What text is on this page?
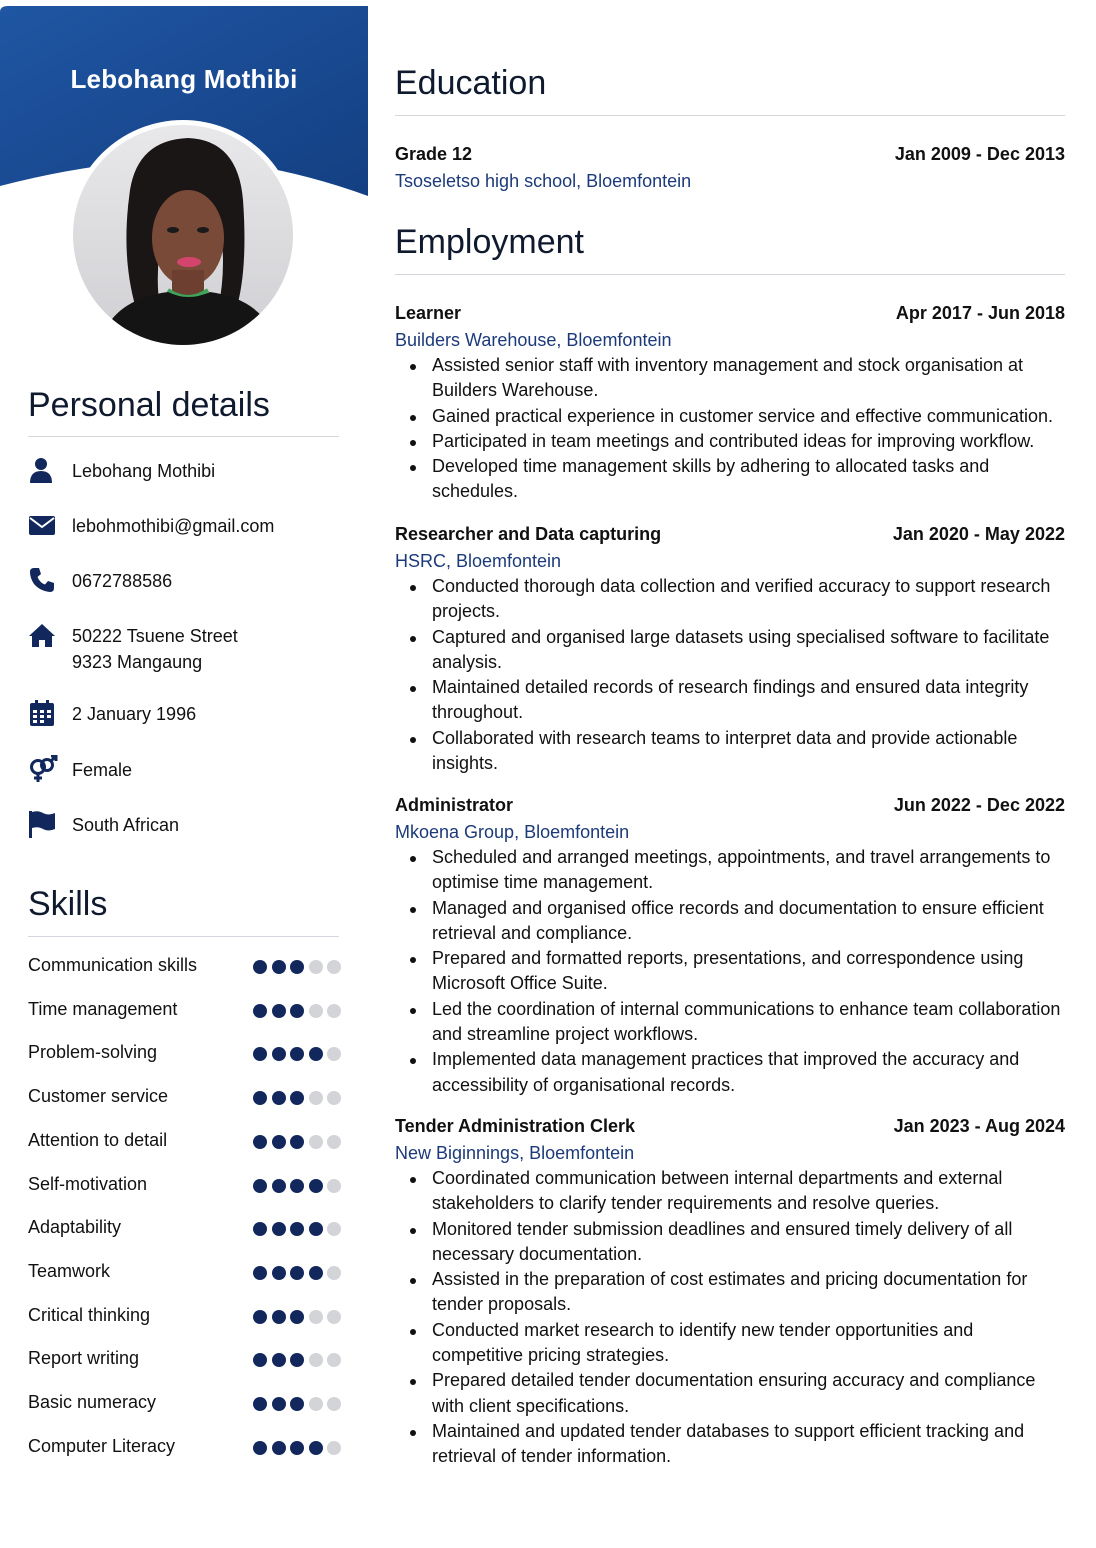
Lebohang Mothibi
Personal details
Lebohang Mothibi
lebohmothibi@gmail.com
0672788586
50222 Tsuene Street
9323 Mangaung
2 January 1996
Female
South African
Skills
Communication skills
Time management
Problem-solving
Customer service
Attention to detail
Self-motivation
Adaptability
Teamwork
Critical thinking
Report writing
Basic numeracy
Computer Literacy
Education
Grade 12	Jan 2009 - Dec 2013
Tsoseletso high school, Bloemfontein
Employment
Learner	Apr 2017 - Jun 2018
Builders Warehouse, Bloemfontein
Assisted senior staff with inventory management and stock organisation at Builders Warehouse.
Gained practical experience in customer service and effective communication.
Participated in team meetings and contributed ideas for improving workflow.
Developed time management skills by adhering to allocated tasks and schedules.
Researcher and Data capturing	Jan 2020 - May 2022
HSRC, Bloemfontein
Conducted thorough data collection and verified accuracy to support research projects.
Captured and organised large datasets using specialised software to facilitate analysis.
Maintained detailed records of research findings and ensured data integrity throughout.
Collaborated with research teams to interpret data and provide actionable insights.
Administrator	Jun 2022 - Dec 2022
Mkoena Group, Bloemfontein
Scheduled and arranged meetings, appointments, and travel arrangements to optimise time management.
Managed and organised office records and documentation to ensure efficient retrieval and compliance.
Prepared and formatted reports, presentations, and correspondence using Microsoft Office Suite.
Led the coordination of internal communications to enhance team collaboration and streamline project workflows.
Implemented data management practices that improved the accuracy and accessibility of organisational records.
Tender Administration Clerk	Jan 2023 - Aug 2024
New Biginnings, Bloemfontein
Coordinated communication between internal departments and external stakeholders to clarify tender requirements and resolve queries.
Monitored tender submission deadlines and ensured timely delivery of all necessary documentation.
Assisted in the preparation of cost estimates and pricing documentation for tender proposals.
Conducted market research to identify new tender opportunities and competitive pricing strategies.
Prepared detailed tender documentation ensuring accuracy and compliance with client specifications.
Maintained and updated tender databases to support efficient tracking and retrieval of tender information.
